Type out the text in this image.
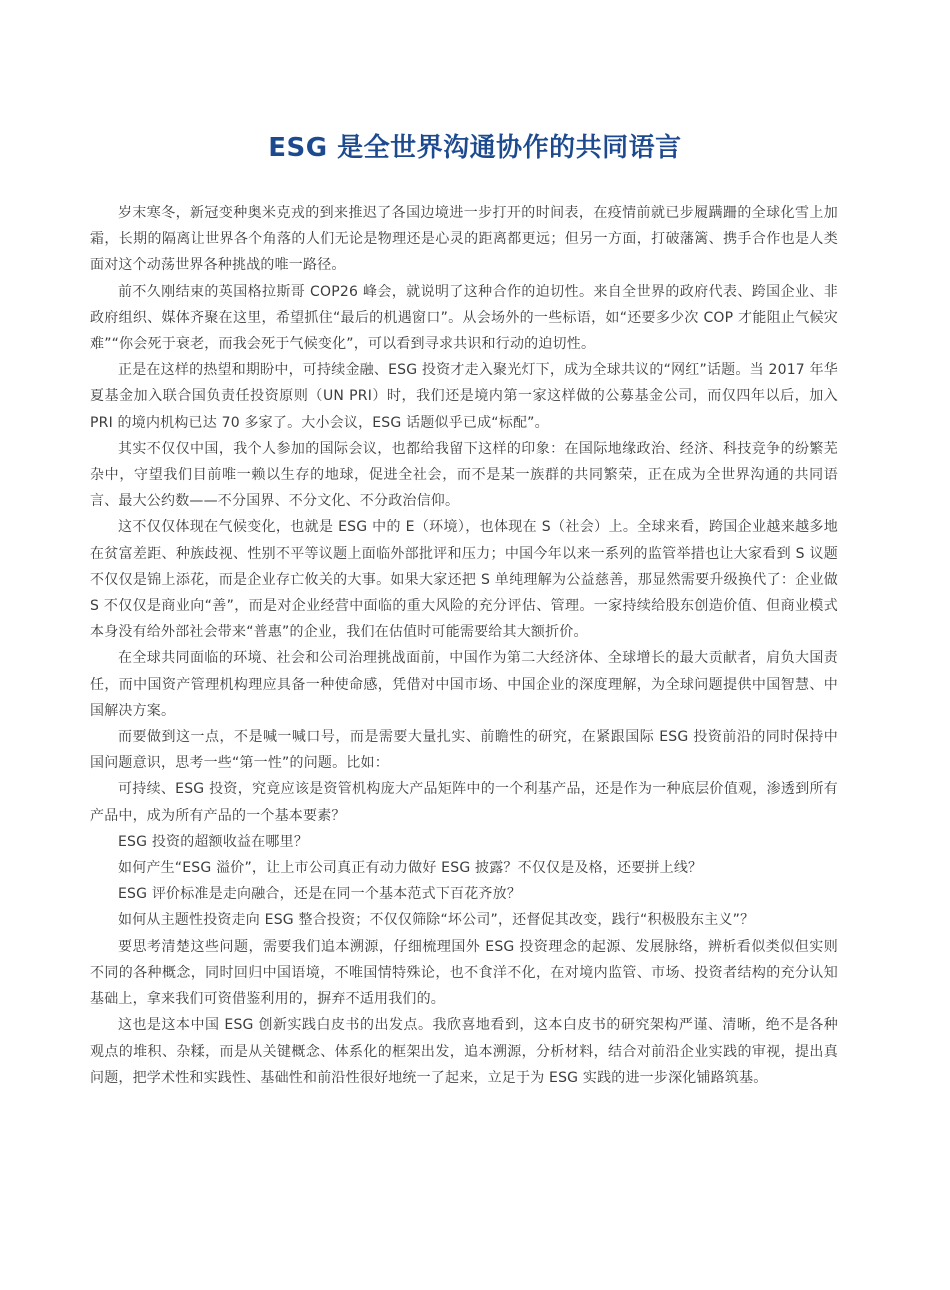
ESG 是全世界沟通协作的共同语言

岁末寒冬，新冠变种奥米克戎的到来推迟了各国边境进一步打开的时间表，在疫情前就已步履蹒跚的全球化雪上加霜，长期的隔离让世界各个角落的人们无论是物理还是心灵的距离都更远；但另一方面，打破藩篱、携手合作也是人类面对这个动荡世界各种挑战的唯一路径。

前不久刚结束的英国格拉斯哥 COP26 峰会，就说明了这种合作的迫切性。来自全世界的政府代表、跨国企业、非政府组织、媒体齐聚在这里，希望抓住“最后的机遇窗口”。从会场外的一些标语，如“还要多少次 COP 才能阻止气候灾难”“你会死于衰老，而我会死于气候变化”，可以看到寻求共识和行动的迫切性。

正是在这样的热望和期盼中，可持续金融、ESG 投资才走入聚光灯下，成为全球共议的“网红”话题。当 2017 年华夏基金加入联合国负责任投资原则（UN PRI）时，我们还是境内第一家这样做的公募基金公司，而仅四年以后，加入 PRI 的境内机构已达 70 多家了。大小会议，ESG 话题似乎已成“标配”。

其实不仅仅中国，我个人参加的国际会议，也都给我留下这样的印象：在国际地缘政治、经济、科技竞争的纷繁芜杂中，守望我们目前唯一赖以生存的地球，促进全社会，而不是某一族群的共同繁荣，正在成为全世界沟通的共同语言、最大公约数——不分国界、不分文化、不分政治信仰。

这不仅仅体现在气候变化，也就是 ESG 中的 E（环境），也体现在 S（社会）上。全球来看，跨国企业越来越多地在贫富差距、种族歧视、性别不平等议题上面临外部批评和压力；中国今年以来一系列的监管举措也让大家看到 S 议题不仅仅是锦上添花，而是企业存亡攸关的大事。如果大家还把 S 单纯理解为公益慈善，那显然需要升级换代了：企业做 S 不仅仅是商业向“善”，而是对企业经营中面临的重大风险的充分评估、管理。一家持续给股东创造价值、但商业模式本身没有给外部社会带来“普惠”的企业，我们在估值时可能需要给其大额折价。

在全球共同面临的环境、社会和公司治理挑战面前，中国作为第二大经济体、全球增长的最大贡献者，肩负大国责任，而中国资产管理机构理应具备一种使命感，凭借对中国市场、中国企业的深度理解，为全球问题提供中国智慧、中国解决方案。

而要做到这一点，不是喊一喊口号，而是需要大量扎实、前瞻性的研究，在紧跟国际 ESG 投资前沿的同时保持中国问题意识，思考一些“第一性”的问题。比如：

可持续、ESG 投资，究竟应该是资管机构庞大产品矩阵中的一个利基产品，还是作为一种底层价值观，渗透到所有产品中，成为所有产品的一个基本要素？

ESG 投资的超额收益在哪里？

如何产生“ESG 溢价”，让上市公司真正有动力做好 ESG 披露？不仅仅是及格，还要拼上线？

ESG 评价标准是走向融合，还是在同一个基本范式下百花齐放？

如何从主题性投资走向 ESG 整合投资；不仅仅筛除“坏公司”，还督促其改变，践行“积极股东主义”？

要思考清楚这些问题，需要我们追本溯源，仔细梳理国外 ESG 投资理念的起源、发展脉络，辨析看似类似但实则不同的各种概念，同时回归中国语境，不唯国情特殊论，也不食洋不化，在对境内监管、市场、投资者结构的充分认知基础上，拿来我们可资借鉴利用的，摒弃不适用我们的。

这也是这本中国 ESG 创新实践白皮书的出发点。我欣喜地看到，这本白皮书的研究架构严谨、清晰，绝不是各种观点的堆积、杂糅，而是从关键概念、体系化的框架出发，追本溯源，分析材料，结合对前沿企业实践的审视，提出真问题，把学术性和实践性、基础性和前沿性很好地统一了起来，立足于为 ESG 实践的进一步深化铺路筑基。
